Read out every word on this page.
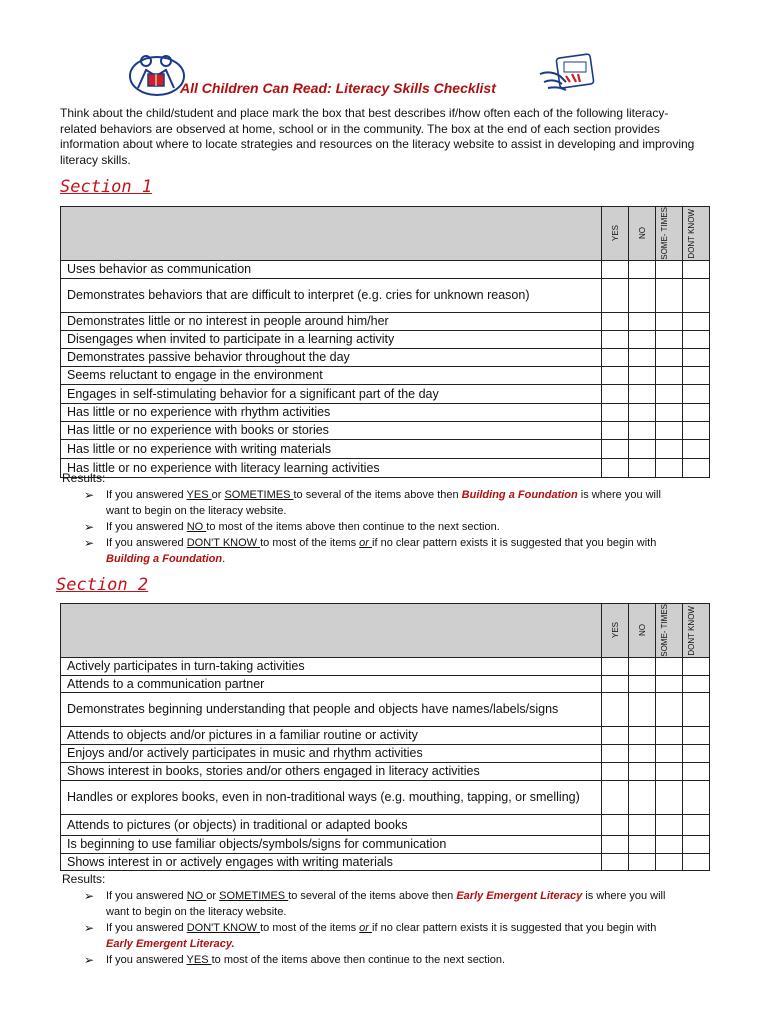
All Children Can Read: Literacy Skills Checklist
Think about the child/student and place mark the box that best describes if/how often each of the following literacy-related behaviors are observed at home, school or in the community. The box at the end of each section provides information about where to locate strategies and resources on the literacy website to assist in developing and improving literacy skills.
Section 1

	YES	NO	SOME- TIMES	DONT KNOW

Uses behavior as communication				
Demonstrates behaviors that are difficult to interpret (e.g. cries for unknown reason)				
Demonstrates little or no interest in people around him/her				
Disengages when invited to participate in a learning activity				
Demonstrates passive behavior throughout the day				
Seems reluctant to engage in the environment				
Engages in self-stimulating behavior for a significant part of the day				
Has little or no experience with rhythm activities				
Has little or no experience with books or stories				
Has little or no experience with writing materials				
Has little or no experience with literacy learning activities				
Results:
➢ If you answered YES or SOMETIMES to several of the items above then Building a Foundation is where you will want to begin on the literacy website.
➢ If you answered NO to most of the items above then continue to the next section.
➢ If you answered DON'T KNOW to most of the items or if no clear pattern exists it is suggested that you begin with Building a Foundation.
Section 2

	YES	NO	SOME- TIMES	DONT KNOW

Actively participates in turn-taking activities				
Attends to a communication partner				
Demonstrates beginning understanding that people and objects have names/labels/signs				
Attends to objects and/or pictures in a familiar routine or activity				
Enjoys and/or actively participates in music and rhythm activities				
Shows interest in books, stories and/or others engaged in literacy activities				
Handles or explores books, even in non-traditional ways (e.g. mouthing, tapping, or smelling)				
Attends to pictures (or objects) in traditional or adapted books				
Is beginning to use familiar objects/symbols/signs for communication				
Shows interest in or actively engages with writing materials				
Results:
➢ If you answered NO or SOMETIMES to several of the items above then Early Emergent Literacy is where you will want to begin on the literacy website.
➢ If you answered DON'T KNOW to most of the items or if no clear pattern exists it is suggested that you begin with Early Emergent Literacy.
➢ If you answered YES to most of the items above then continue to the next section.
